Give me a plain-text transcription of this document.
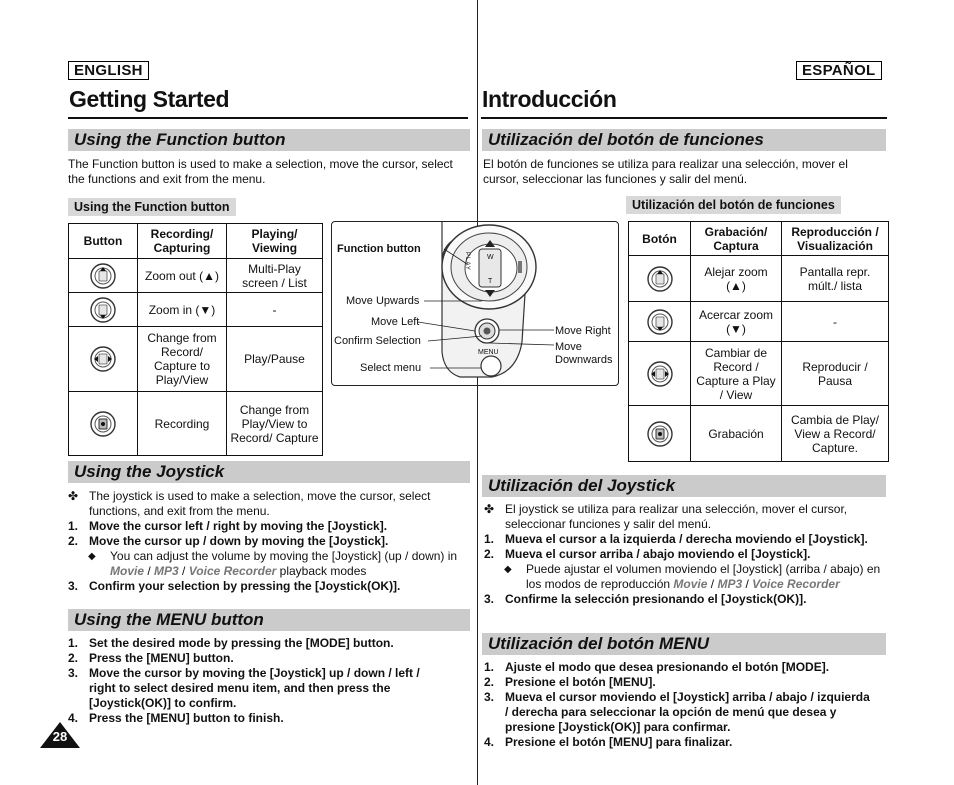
ENGLISH
Getting Started
Using the Function button
The Function button is used to make a selection, move the cursor, select the functions and exit from the menu.
Using the Function button
Button	Recording/ Capturing	Playing/ Viewing
	Zoom out (▲)	Multi-Play screen / List
	Zoom in (▼)	-
	Change from Record/ Capture to Play/View	Play/Pause
	Recording	Change from Play/View to Record/ Capture
PLAY	W
T
MENU
Function button
Move Upwards
Move Left
Confirm Selection
Select menu
Move Right
Move Downwards
Using the Joystick
✤ The joystick is used to make a selection, move the cursor, select functions, and exit from the menu.
1. Move the cursor left / right by moving the [Joystick].
2. Move the cursor up / down by moving the [Joystick].
◆ You can adjust the volume by moving the [Joystick] (up / down) in Movie / MP3 / Voice Recorder playback modes
3. Confirm your selection by pressing the [Joystick(OK)].
Using the MENU button
1. Set the desired mode by pressing the [MODE] button.
2. Press the [MENU] button.
3. Move the cursor by moving the [Joystick] up / down / left / right to select desired menu item, and then press the [Joystick(OK)] to confirm.
4. Press the [MENU] button to finish.
28
ESPAÑOL
Introducción
Utilización del botón de funciones
El botón de funciones se utiliza para realizar una selección, mover el cursor, seleccionar las funciones y salir del menú.
Utilización del botón de funciones
Botón	Grabación/ Captura	Reproducción / Visualización
	Alejar zoom (▲)	Pantalla repr. múlt./ lista
	Acercar zoom (▼)	-
	Cambiar de Record / Capture a Play / View	Reproducir / Pausa
	Grabación	Cambia de Play/ View a Record/ Capture.
Utilización del Joystick
✤ El joystick se utiliza para realizar una selección, mover el cursor, seleccionar funciones y salir del menú.
1. Mueva el cursor a la izquierda / derecha moviendo el [Joystick].
2. Mueva el cursor arriba / abajo moviendo el [Joystick].
◆ Puede ajustar el volumen moviendo el [Joystick] (arriba / abajo) en los modos de reproducción Movie / MP3 / Voice Recorder
3. Confirme la selección presionando el [Joystick(OK)].
Utilización del botón MENU
1. Ajuste el modo que desea presionando el botón [MODE].
2. Presione el botón [MENU].
3. Mueva el cursor moviendo el [Joystick] arriba / abajo / izquierda / derecha para seleccionar la opción de menú que desea y presione [Joystick(OK)] para confirmar.
4. Presione el botón [MENU] para finalizar.
